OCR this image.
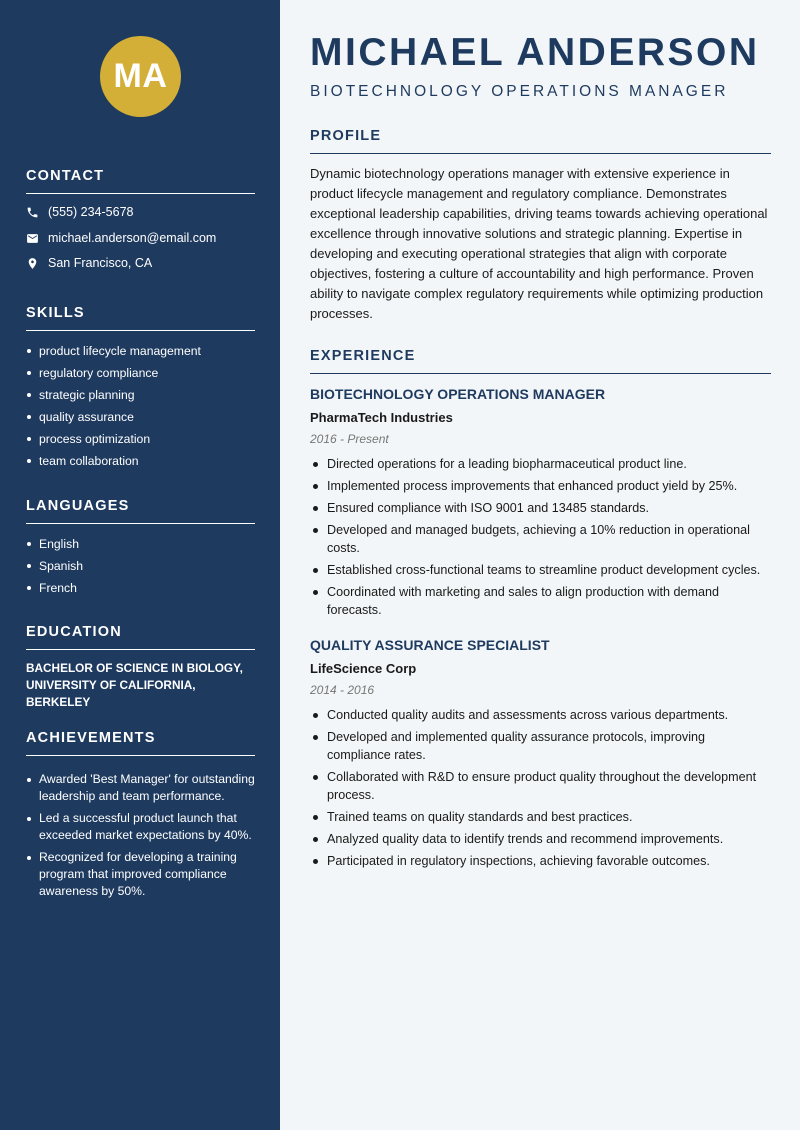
MA
CONTACT
(555) 234-5678
michael.anderson@email.com
San Francisco, CA
SKILLS
product lifecycle management
regulatory compliance
strategic planning
quality assurance
process optimization
team collaboration
LANGUAGES
English
Spanish
French
EDUCATION
BACHELOR OF SCIENCE IN BIOLOGY,
UNIVERSITY OF CALIFORNIA, BERKELEY
ACHIEVEMENTS
Awarded 'Best Manager' for outstanding leadership and team performance.
Led a successful product launch that exceeded market expectations by 40%.
Recognized for developing a training program that improved compliance awareness by 50%.
MICHAEL ANDERSON
BIOTECHNOLOGY OPERATIONS MANAGER
PROFILE
Dynamic biotechnology operations manager with extensive experience in product lifecycle management and regulatory compliance. Demonstrates exceptional leadership capabilities, driving teams towards achieving operational excellence through innovative solutions and strategic planning. Expertise in developing and executing operational strategies that align with corporate objectives, fostering a culture of accountability and high performance. Proven ability to navigate complex regulatory requirements while optimizing production processes.
EXPERIENCE
BIOTECHNOLOGY OPERATIONS MANAGER
PharmaTech Industries
2016 - Present
Directed operations for a leading biopharmaceutical product line.
Implemented process improvements that enhanced product yield by 25%.
Ensured compliance with ISO 9001 and 13485 standards.
Developed and managed budgets, achieving a 10% reduction in operational costs.
Established cross-functional teams to streamline product development cycles.
Coordinated with marketing and sales to align production with demand forecasts.
QUALITY ASSURANCE SPECIALIST
LifeScience Corp
2014 - 2016
Conducted quality audits and assessments across various departments.
Developed and implemented quality assurance protocols, improving compliance rates.
Collaborated with R&D to ensure product quality throughout the development process.
Trained teams on quality standards and best practices.
Analyzed quality data to identify trends and recommend improvements.
Participated in regulatory inspections, achieving favorable outcomes.
